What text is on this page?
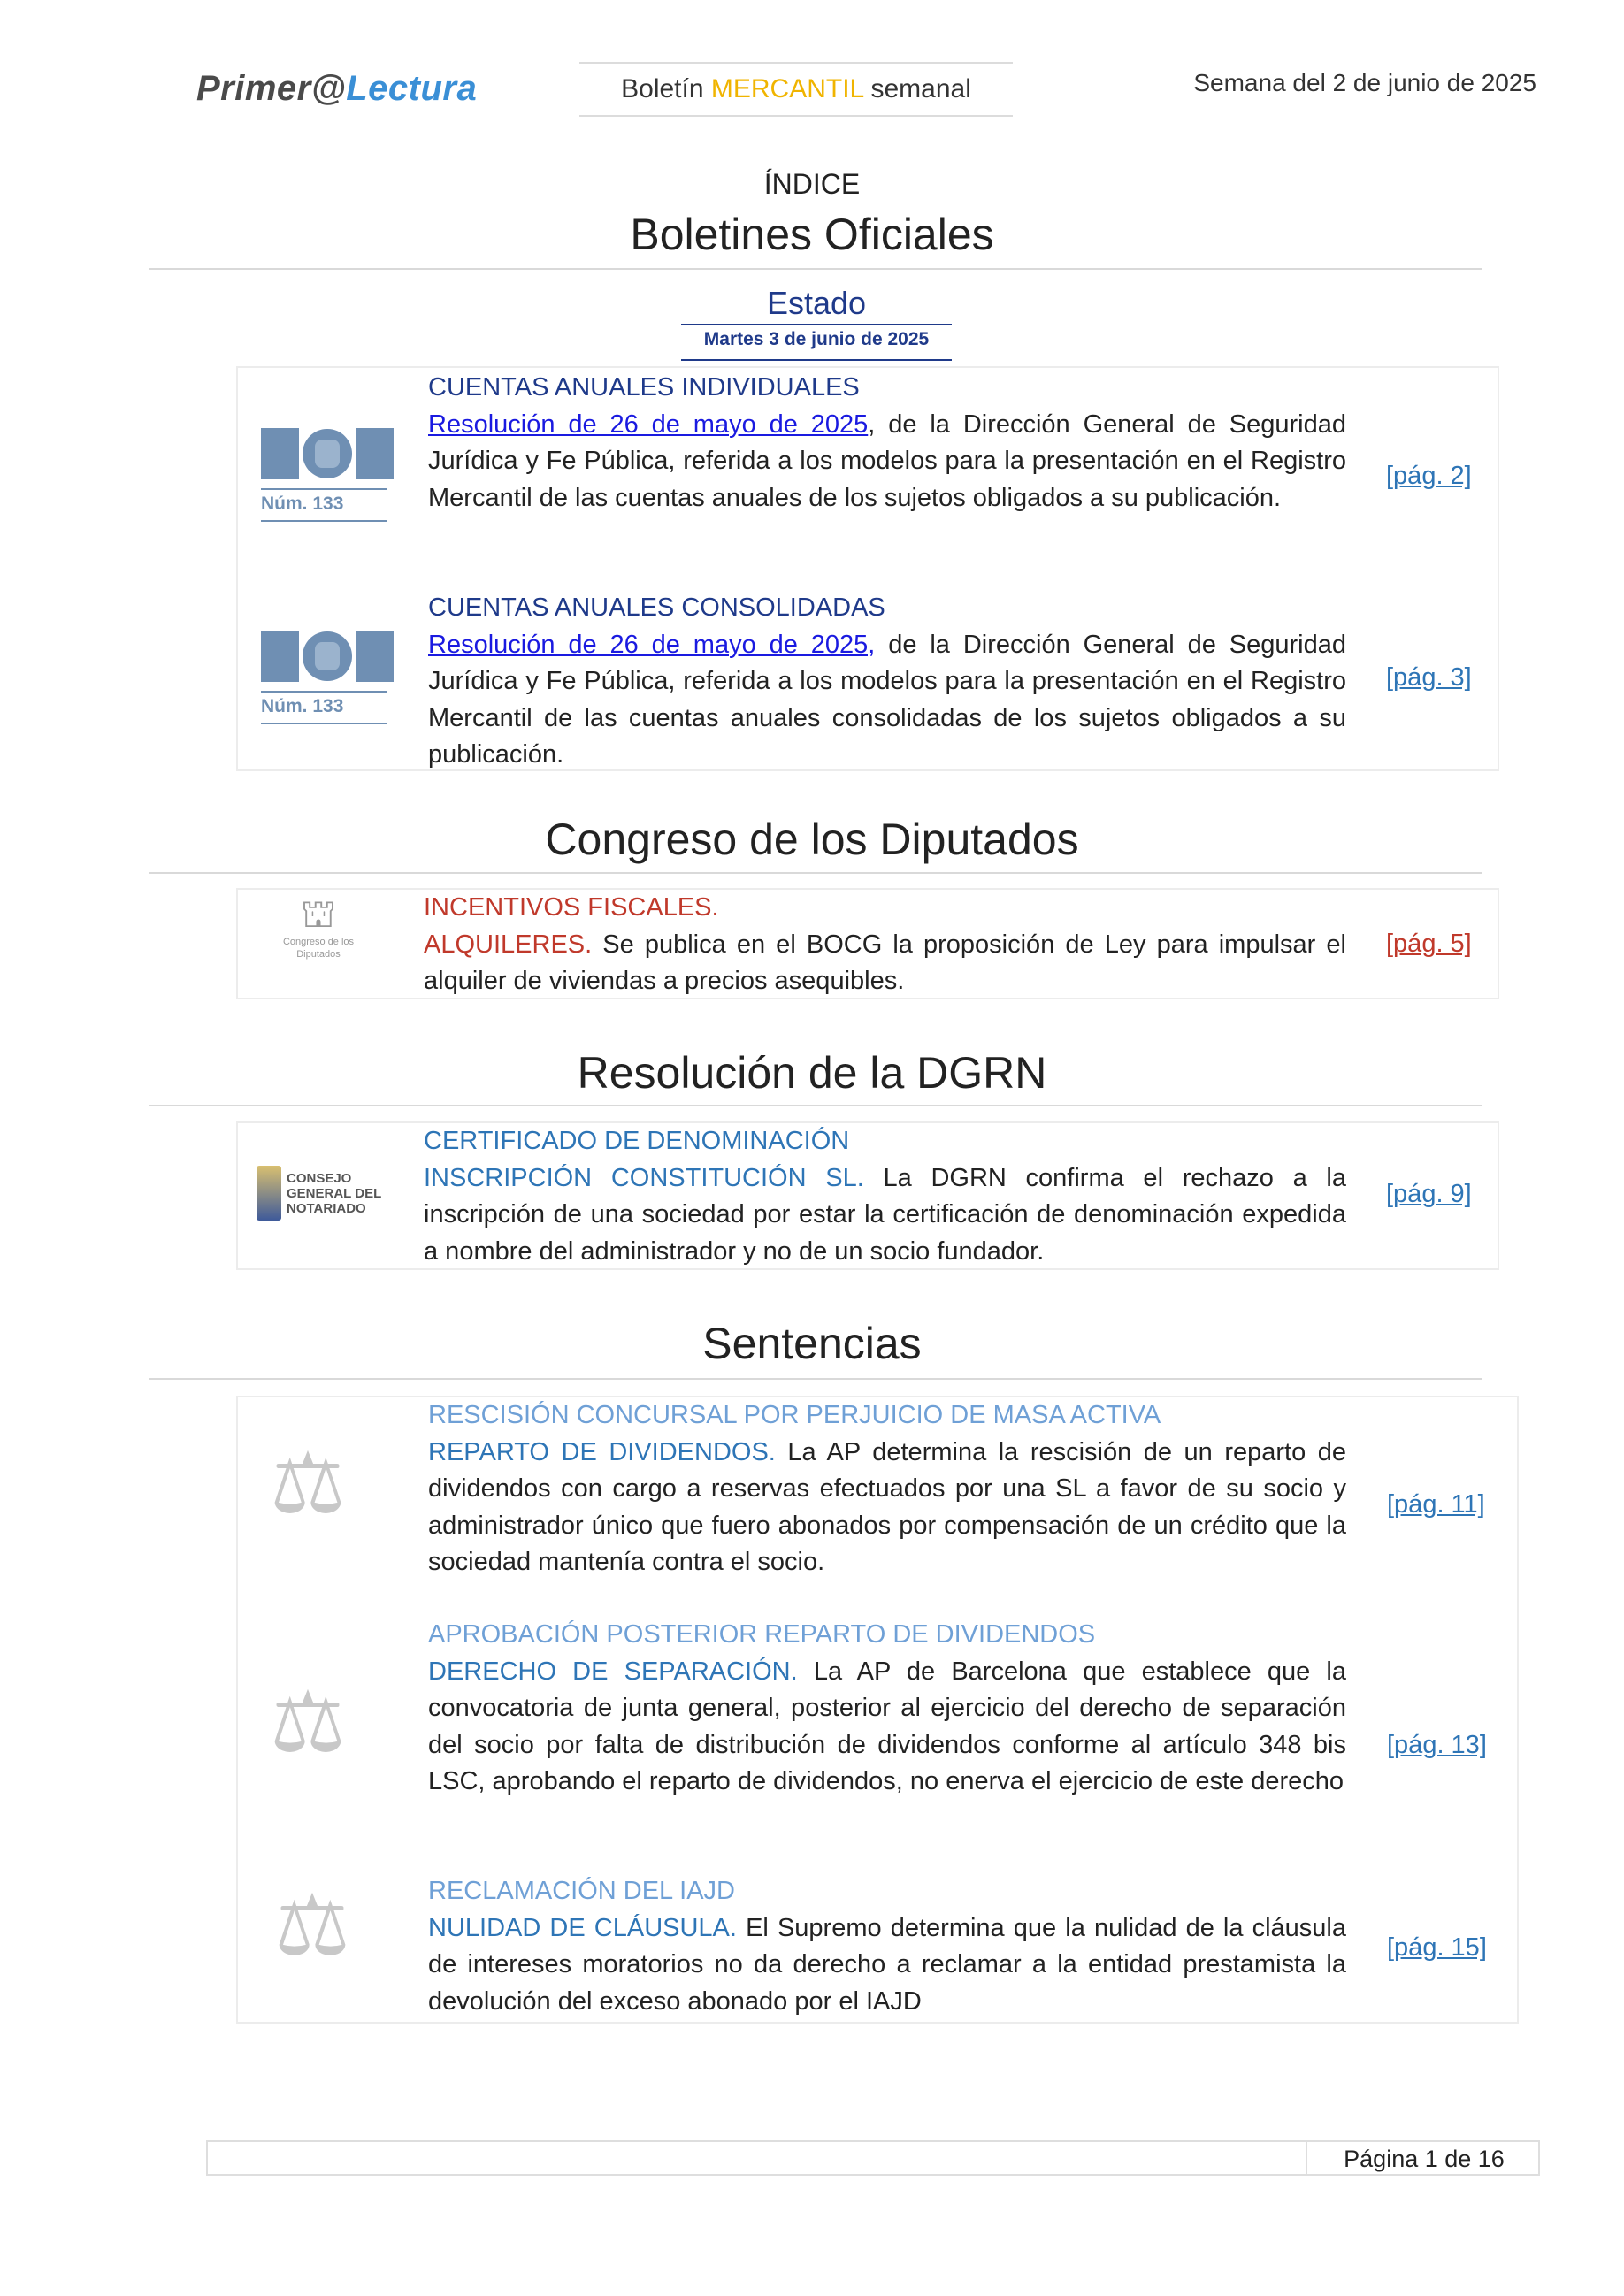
Primer@Lectura	Boletín MERCANTIL semanal	Semana del 2 de junio de 2025
ÍNDICE
Boletines Oficiales
Estado
Martes 3 de junio de 2025
Núm. 133
CUENTAS ANUALES INDIVIDUALES
Resolución de 26 de mayo de 2025, de la Dirección General de Seguridad Jurídica y Fe Pública, referida a los modelos para la presentación en el Registro Mercantil de las cuentas anuales de los sujetos obligados a su publicación.
[pág. 2]
Núm. 133
CUENTAS ANUALES CONSOLIDADAS
Resolución de 26 de mayo de 2025, de la Dirección General de Seguridad Jurídica y Fe Pública, referida a los modelos para la presentación en el Registro Mercantil de las cuentas anuales consolidadas de los sujetos obligados a su publicación.
[pág. 3]
Congreso de los Diputados
⛫
Congreso de los Diputados
INCENTIVOS FISCALES.
ALQUILERES. Se publica en el BOCG la proposición de Ley para impulsar el alquiler de viviendas a precios asequibles.
[pág. 5]
Resolución de la DGRN
CONSEJO GENERAL DEL NOTARIADO
CERTIFICADO DE DENOMINACIÓN
INSCRIPCIÓN CONSTITUCIÓN SL. La DGRN confirma el rechazo a la inscripción de una sociedad por estar la certificación de denominación expedida a nombre del administrador y no de un socio fundador.
[pág. 9]
Sentencias
⚖
RESCISIÓN CONCURSAL POR PERJUICIO DE MASA ACTIVA
REPARTO DE DIVIDENDOS. La AP determina la rescisión de un reparto de dividendos con cargo a reservas efectuados por una SL a favor de su socio y administrador único que fuero abonados por compensación de un crédito que la sociedad mantenía contra el socio.
[pág. 11]
⚖
APROBACIÓN POSTERIOR REPARTO DE DIVIDENDOS
DERECHO DE SEPARACIÓN. La AP de Barcelona que establece que la convocatoria de junta general, posterior al ejercicio del derecho de separación del socio por falta de distribución de dividendos conforme al artículo 348 bis LSC, aprobando el reparto de dividendos, no enerva el ejercicio de este derecho
[pág. 13]
⚖	RECLAMACIÓN DEL IAJD
NULIDAD DE CLÁUSULA. El Supremo determina que la nulidad de la cláusula de intereses moratorios no da derecho a reclamar a la entidad prestamista la devolución del exceso abonado por el IAJD
[pág. 15]
Página 1 de 16
